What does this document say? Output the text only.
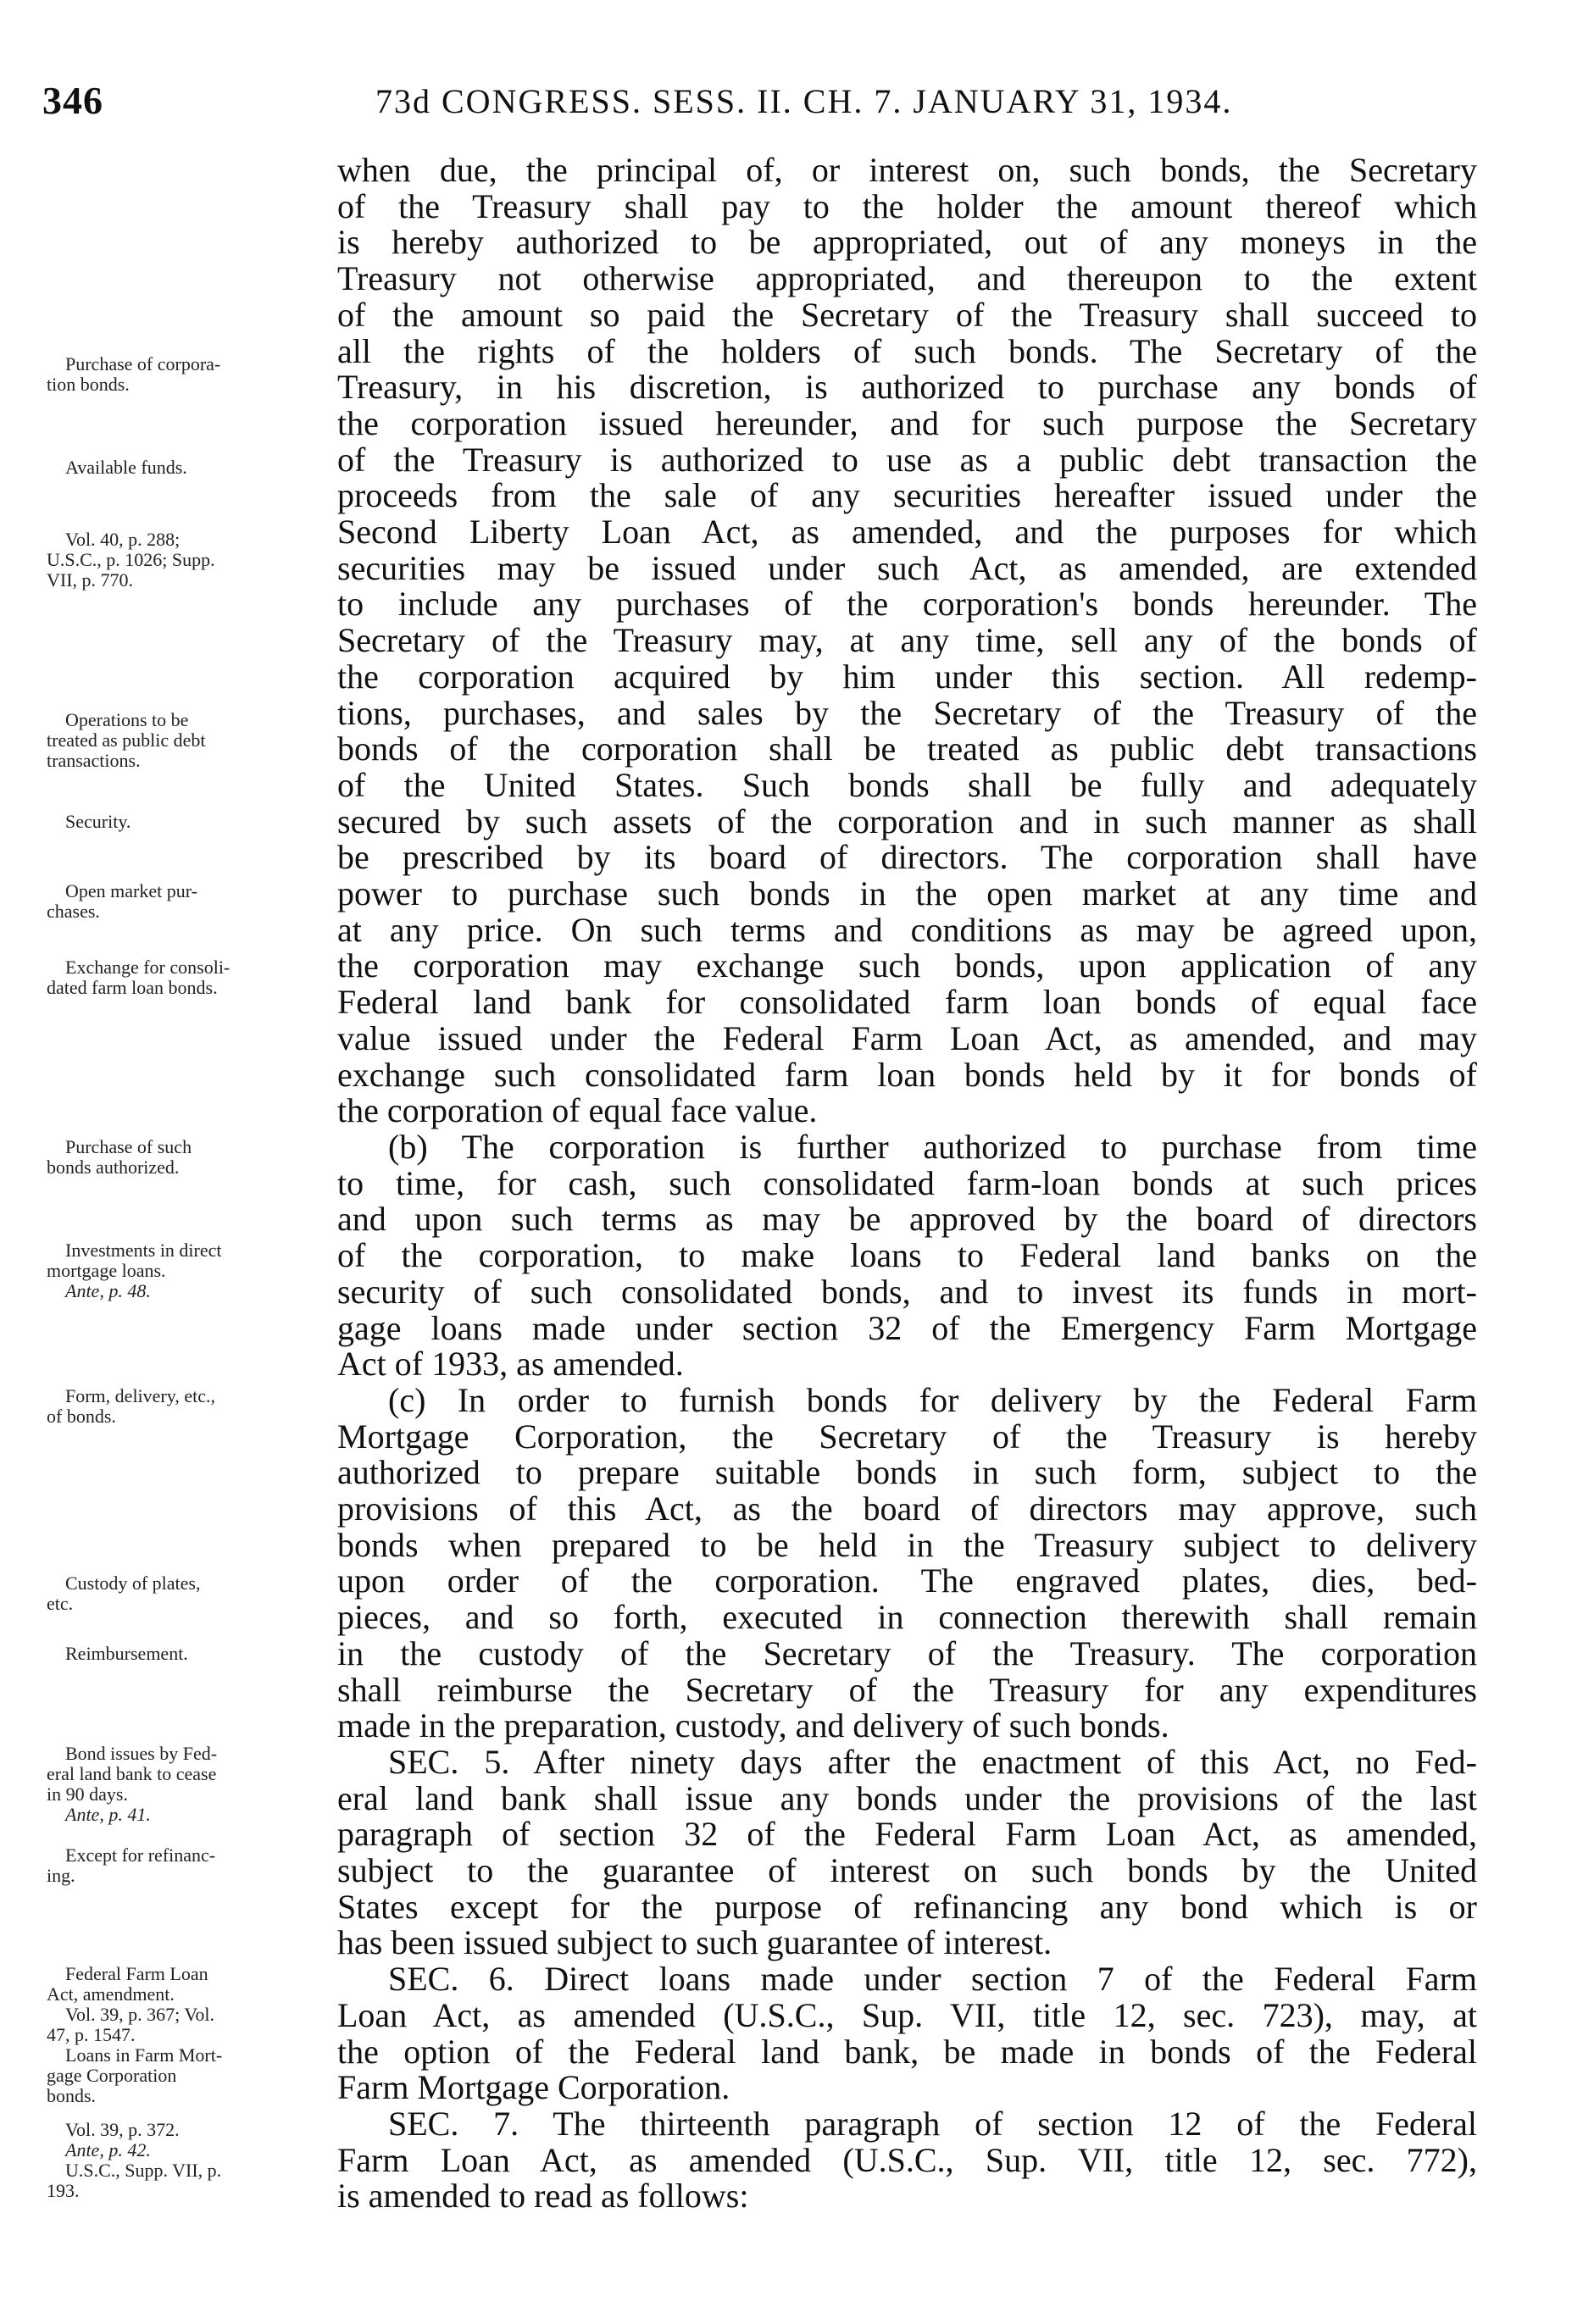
346	73d CONGRESS. SESS. II. CH. 7. JANUARY 31, 1934.
when due, the principal of, or interest on, such bonds, the Secretary
of the Treasury shall pay to the holder the amount thereof which
is hereby authorized to be appropriated, out of any moneys in the
Treasury not otherwise appropriated, and thereupon to the extent
of the amount so paid the Secretary of the Treasury shall succeed to
all the rights of the holders of such bonds. The Secretary of the
Treasury, in his discretion, is authorized to purchase any bonds of
the corporation issued hereunder, and for such purpose the Secretary
of the Treasury is authorized to use as a public debt transaction the
proceeds from the sale of any securities hereafter issued under the
Second Liberty Loan Act, as amended, and the purposes for which
securities may be issued under such Act, as amended, are extended
to include any purchases of the corporation's bonds hereunder. The
Secretary of the Treasury may, at any time, sell any of the bonds of
the corporation acquired by him under this section. All redemp-
tions, purchases, and sales by the Secretary of the Treasury of the
bonds of the corporation shall be treated as public debt transactions
of the United States. Such bonds shall be fully and adequately
secured by such assets of the corporation and in such manner as shall
be prescribed by its board of directors. The corporation shall have
power to purchase such bonds in the open market at any time and
at any price. On such terms and conditions as may be agreed upon,
the corporation may exchange such bonds, upon application of any
Federal land bank for consolidated farm loan bonds of equal face
value issued under the Federal Farm Loan Act, as amended, and may
exchange such consolidated farm loan bonds held by it for bonds of
the corporation of equal face value.
(b) The corporation is further authorized to purchase from time
to time, for cash, such consolidated farm-loan bonds at such prices
and upon such terms as may be approved by the board of directors
of the corporation, to make loans to Federal land banks on the
security of such consolidated bonds, and to invest its funds in mort-
gage loans made under section 32 of the Emergency Farm Mortgage
Act of 1933, as amended.
(c) In order to furnish bonds for delivery by the Federal Farm
Mortgage Corporation, the Secretary of the Treasury is hereby
authorized to prepare suitable bonds in such form, subject to the
provisions of this Act, as the board of directors may approve, such
bonds when prepared to be held in the Treasury subject to delivery
upon order of the corporation. The engraved plates, dies, bed-
pieces, and so forth, executed in connection therewith shall remain
in the custody of the Secretary of the Treasury. The corporation
shall reimburse the Secretary of the Treasury for any expenditures
made in the preparation, custody, and delivery of such bonds.
SEC. 5. After ninety days after the enactment of this Act, no Fed-
eral land bank shall issue any bonds under the provisions of the last
paragraph of section 32 of the Federal Farm Loan Act, as amended,
subject to the guarantee of interest on such bonds by the United
States except for the purpose of refinancing any bond which is or
has been issued subject to such guarantee of interest.
SEC. 6. Direct loans made under section 7 of the Federal Farm
Loan Act, as amended (U.S.C., Sup. VII, title 12, sec. 723), may, at
the option of the Federal land bank, be made in bonds of the Federal
Farm Mortgage Corporation.
SEC. 7. The thirteenth paragraph of section 12 of the Federal
Farm Loan Act, as amended (U.S.C., Sup. VII, title 12, sec. 772),
is amended to read as follows:
Purchase of corpora-
tion bonds.
Available funds.
Vol. 40, p. 288;
U.S.C., p. 1026; Supp.
VII, p. 770.
Operations to be
treated as public debt
transactions.
Security.
Open market pur-
chases.
Exchange for consoli-
dated farm loan bonds.
Purchase of such
bonds authorized.
Investments in direct
mortgage loans.
Ante, p. 48.
Form, delivery, etc.,
of bonds.
Custody of plates,
etc.
Reimbursement.
Bond issues by Fed-
eral land bank to cease
in 90 days.
Ante, p. 41.
Except for refinanc-
ing.
Federal Farm Loan
Act, amendment.
Vol. 39, p. 367; Vol.
47, p. 1547.
Loans in Farm Mort-
gage Corporation
bonds.
Vol. 39, p. 372.
Ante, p. 42.
U.S.C., Supp. VII, p.
193.
